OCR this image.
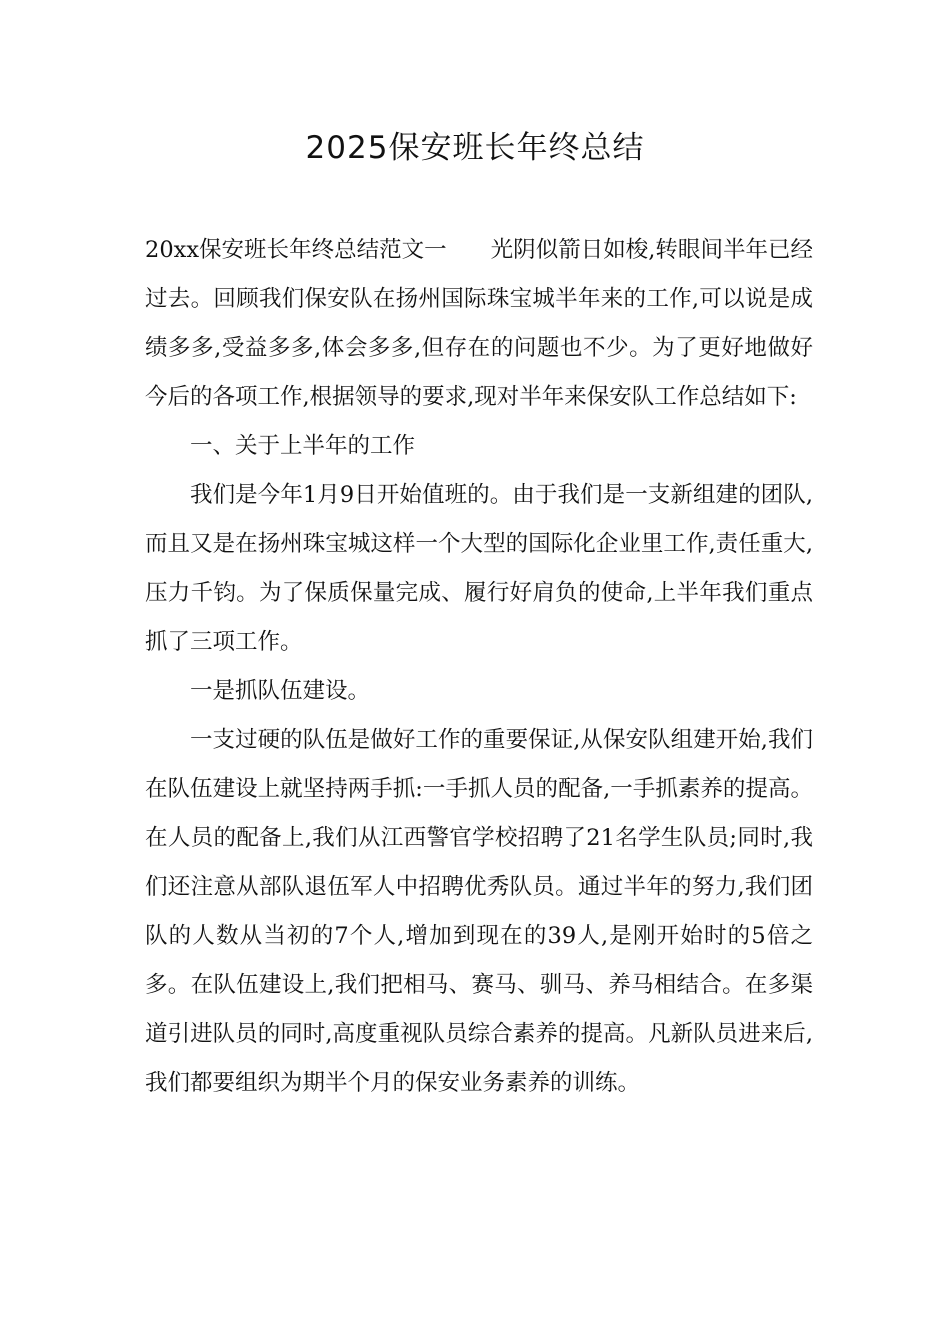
2025保安班长年终总结

20xx保安班长年终总结范文一 光阴似箭日如梭,转眼间半年已经过去。回顾我们保安队在扬州国际珠宝城半年来的工作,可以说是成绩多多,受益多多,体会多多,但存在的问题也不少。为了更好地做好今后的各项工作,根据领导的要求,现对半年来保安队工作总结如下:

一、关于上半年的工作

我们是今年1月9日开始值班的。由于我们是一支新组建的团队,而且又是在扬州珠宝城这样一个大型的国际化企业里工作,责任重大,压力千钧。为了保质保量完成、履行好肩负的使命,上半年我们重点抓了三项工作。

一是抓队伍建设。

一支过硬的队伍是做好工作的重要保证,从保安队组建开始,我们在队伍建设上就坚持两手抓:一手抓人员的配备,一手抓素养的提高。在人员的配备上,我们从江西警官学校招聘了21名学生队员;同时,我们还注意从部队退伍军人中招聘优秀队员。通过半年的努力,我们团队的人数从当初的7个人,增加到现在的39人,是刚开始时的5倍之多。在队伍建设上,我们把相马、赛马、驯马、养马相结合。在多渠道引进队员的同时,高度重视队员综合素养的提高。凡新队员进来后,我们都要组织为期半个月的保安业务素养的训练。
